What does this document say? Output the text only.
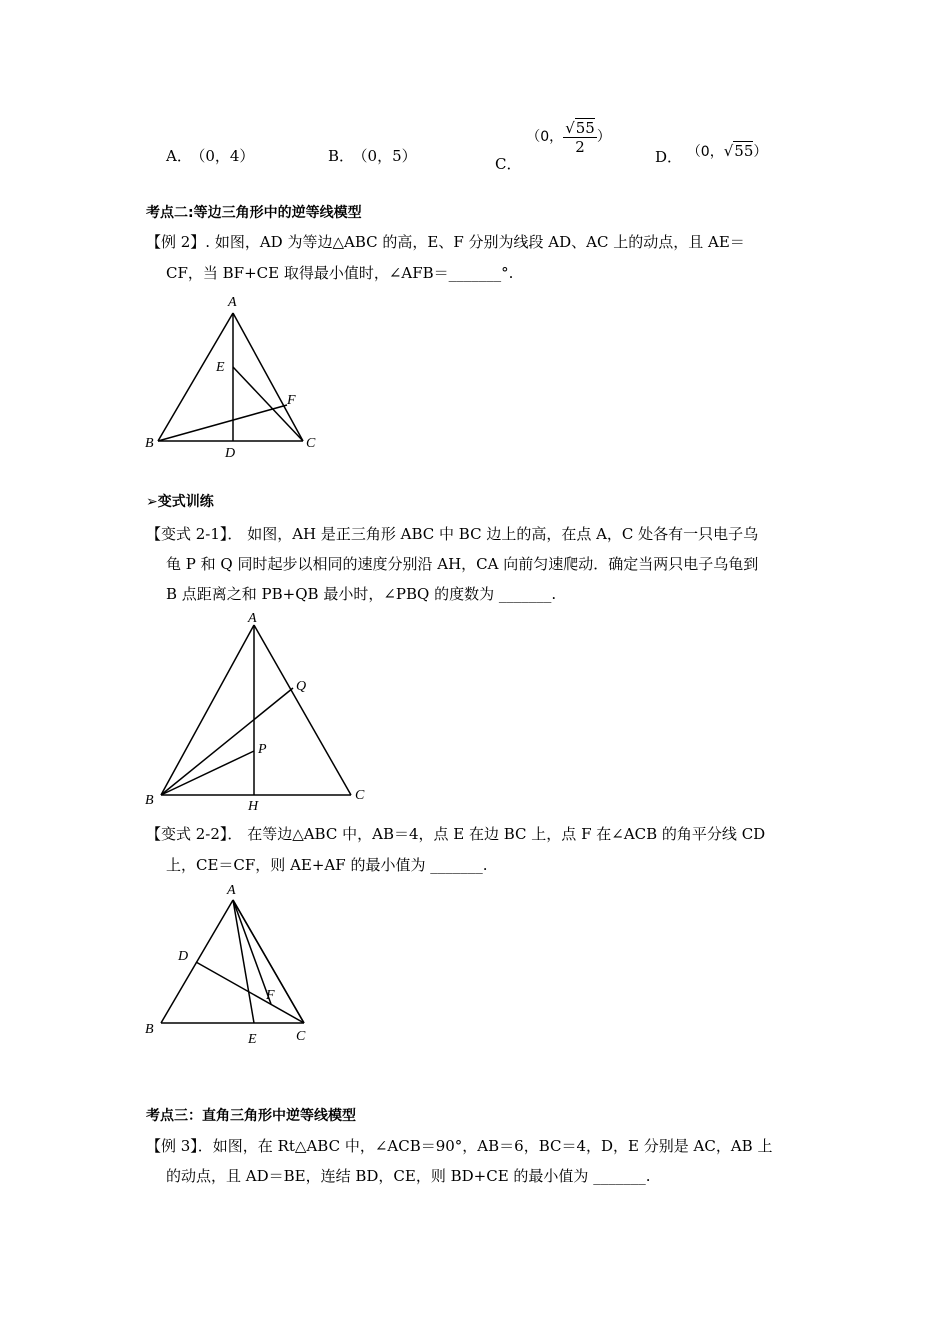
A． （0，4）	B． （0，5）	C． （0， $\frac{√55}{2}$ ）
D． （0，√55）
考点二:等边三角形中的逆等线模型
【例 2】. 如图，AD 为等边△ABC 的高，E、F 分别为线段 AD、AC 上的动点，且 AE＝
CF，当 BF+CE 取得最小值时，∠AFB＝_______°.
A
B	C
D
E
F
➢变式训练
【变式 2-1】． 如图，AH 是正三角形 ABC 中 BC 边上的高，在点 A，C 处各有一只电子乌
龟 P 和 Q 同时起步以相同的速度分别沿 AH，CA 向前匀速爬动．确定当两只电子乌龟到
B 点距离之和 PB+QB 最小时，∠PBQ 的度数为 _______.
A
B	C
H
P
Q
【变式 2-2】． 在等边△ABC 中，AB＝4，点 E 在边 BC 上，点 F 在∠ACB 的角平分线 CD
上，CE＝CF，则 AE+AF 的最小值为 _______.
A
B	C
D
E
F
考点三：直角三角形中逆等线模型
【例 3】．如图，在 Rt△ABC 中，∠ACB＝90°，AB＝6，BC＝4，D，E 分别是 AC，AB 上
的动点，且 AD＝BE，连结 BD，CE，则 BD+CE 的最小值为 _______.
